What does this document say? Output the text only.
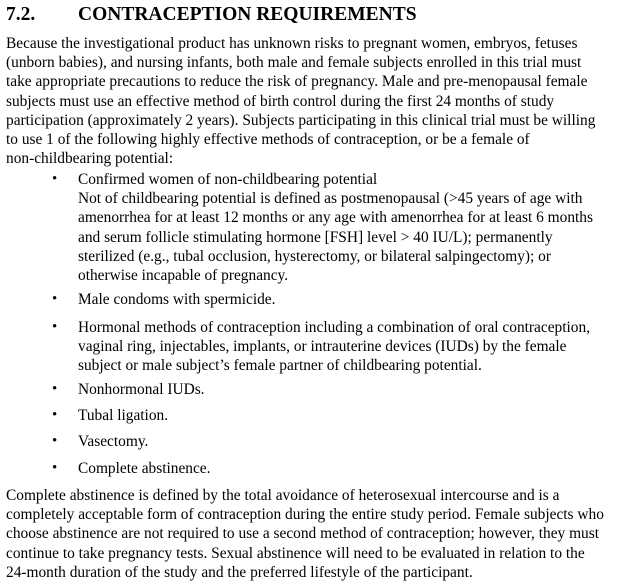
7.2. CONTRACEPTION REQUIREMENTS
Because the investigational product has unknown risks to pregnant women, embryos, fetuses
(unborn babies), and nursing infants, both male and female subjects enrolled in this trial must
take appropriate precautions to reduce the risk of pregnancy. Male and pre-menopausal female
subjects must use an effective method of birth control during the first 24 months of study
participation (approximately 2 years). Subjects participating in this clinical trial must be willing
to use 1 of the following highly effective methods of contraception, or be a female of
non-childbearing potential:
• Confirmed women of non-childbearing potential
Not of childbearing potential is defined as postmenopausal (>45 years of age with
amenorrhea for at least 12 months or any age with amenorrhea for at least 6 months
and serum follicle stimulating hormone [FSH] level > 40 IU/L); permanently
sterilized (e.g., tubal occlusion, hysterectomy, or bilateral salpingectomy); or
otherwise incapable of pregnancy.
• Male condoms with spermicide.
• Hormonal methods of contraception including a combination of oral contraception,
vaginal ring, injectables, implants, or intrauterine devices (IUDs) by the female
subject or male subject’s female partner of childbearing potential.
• Nonhormonal IUDs.
• Tubal ligation.
• Vasectomy.
• Complete abstinence.
Complete abstinence is defined by the total avoidance of heterosexual intercourse and is a
completely acceptable form of contraception during the entire study period. Female subjects who
choose abstinence are not required to use a second method of contraception; however, they must
continue to take pregnancy tests. Sexual abstinence will need to be evaluated in relation to the
24-month duration of the study and the preferred lifestyle of the participant.
